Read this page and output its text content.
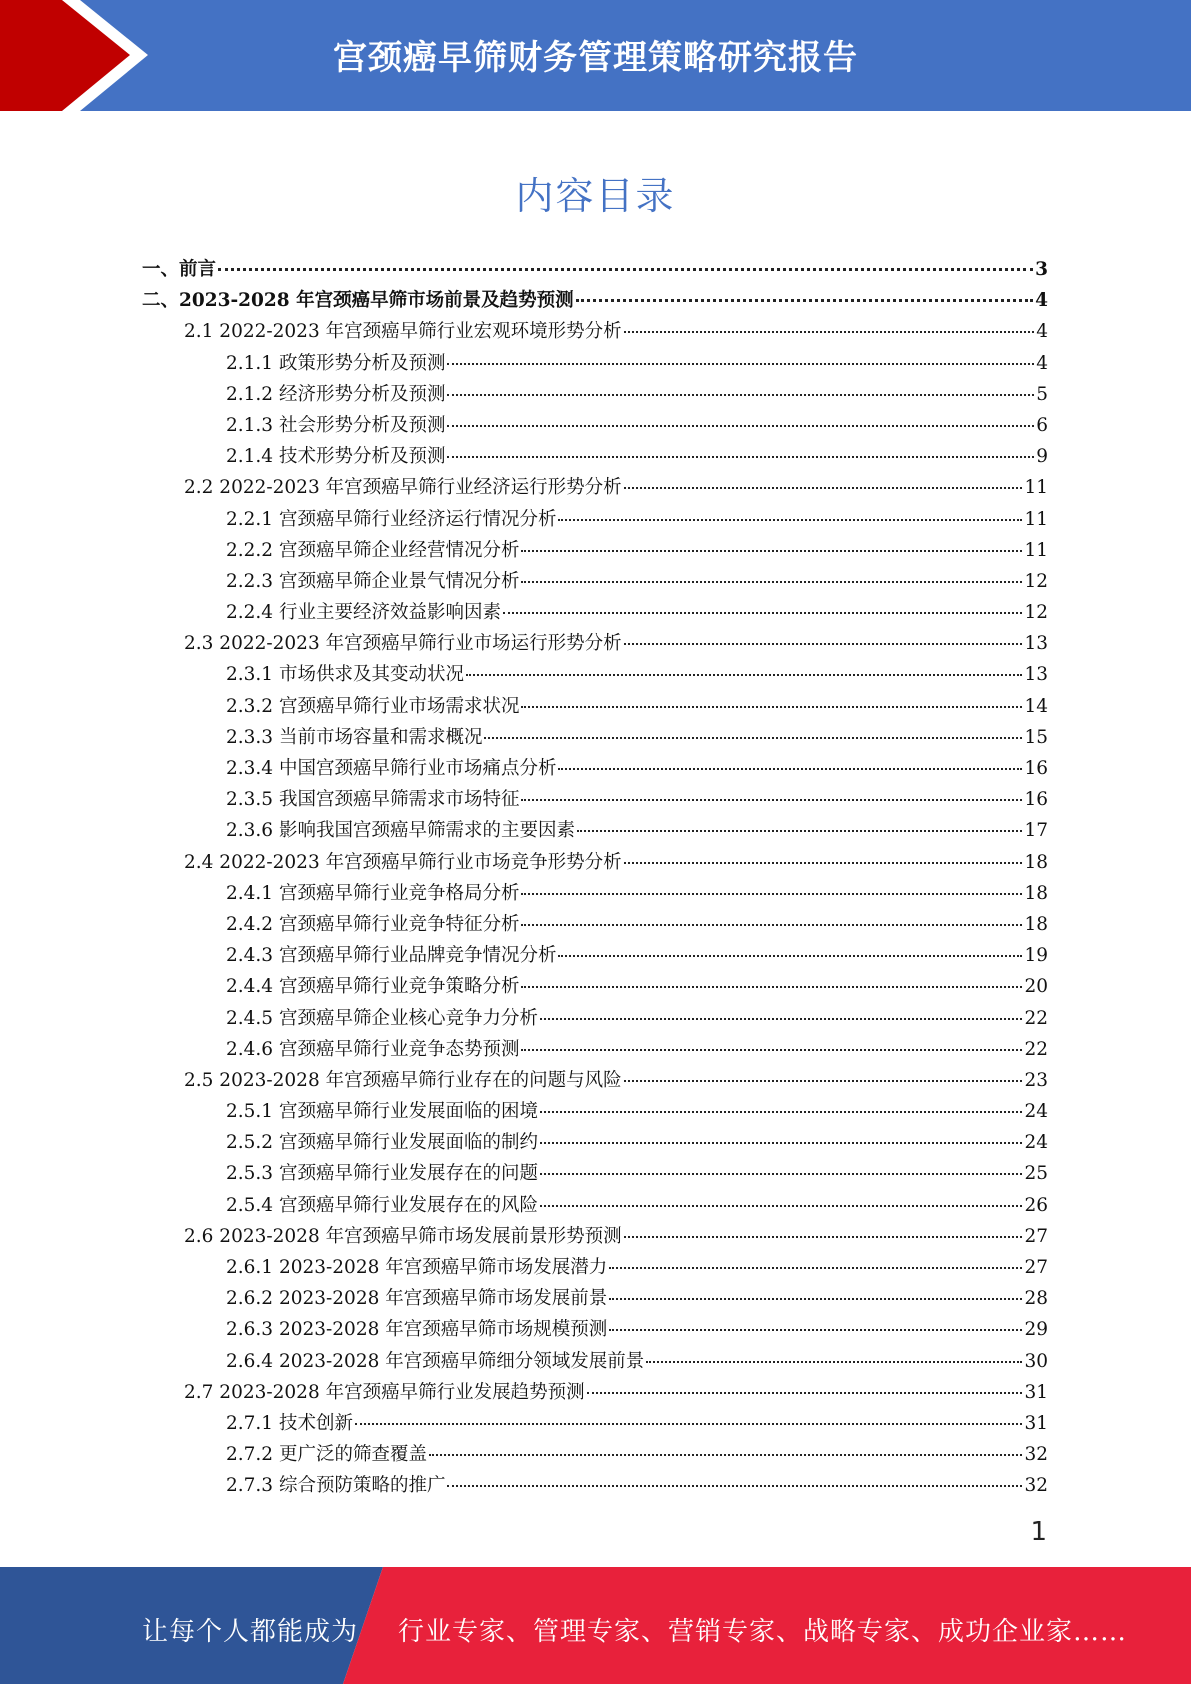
宫颈癌早筛财务管理策略研究报告
内容目录
一、前言	3
二、2023-2028 年宫颈癌早筛市场前景及趋势预测	4
2.1 2022-2023 年宫颈癌早筛行业宏观环境形势分析	4
2.1.1 政策形势分析及预测	4
2.1.2 经济形势分析及预测	5
2.1.3 社会形势分析及预测	6
2.1.4 技术形势分析及预测	9
2.2 2022-2023 年宫颈癌早筛行业经济运行形势分析	11
2.2.1 宫颈癌早筛行业经济运行情况分析	11
2.2.2 宫颈癌早筛企业经营情况分析	11
2.2.3 宫颈癌早筛企业景气情况分析	12
2.2.4 行业主要经济效益影响因素	12
2.3 2022-2023 年宫颈癌早筛行业市场运行形势分析	13
2.3.1 市场供求及其变动状况	13
2.3.2 宫颈癌早筛行业市场需求状况	14
2.3.3 当前市场容量和需求概况	15
2.3.4 中国宫颈癌早筛行业市场痛点分析	16
2.3.5 我国宫颈癌早筛需求市场特征	16
2.3.6 影响我国宫颈癌早筛需求的主要因素	17
2.4 2022-2023 年宫颈癌早筛行业市场竞争形势分析	18
2.4.1 宫颈癌早筛行业竞争格局分析	18
2.4.2 宫颈癌早筛行业竞争特征分析	18
2.4.3 宫颈癌早筛行业品牌竞争情况分析	19
2.4.4 宫颈癌早筛行业竞争策略分析	20
2.4.5 宫颈癌早筛企业核心竞争力分析	22
2.4.6 宫颈癌早筛行业竞争态势预测	22
2.5 2023-2028 年宫颈癌早筛行业存在的问题与风险	23
2.5.1 宫颈癌早筛行业发展面临的困境	24
2.5.2 宫颈癌早筛行业发展面临的制约	24
2.5.3 宫颈癌早筛行业发展存在的问题	25
2.5.4 宫颈癌早筛行业发展存在的风险	26
2.6 2023-2028 年宫颈癌早筛市场发展前景形势预测	27
2.6.1 2023-2028 年宫颈癌早筛市场发展潜力	27
2.6.2 2023-2028 年宫颈癌早筛市场发展前景	28
2.6.3 2023-2028 年宫颈癌早筛市场规模预测	29
2.6.4 2023-2028 年宫颈癌早筛细分领域发展前景	30
2.7 2023-2028 年宫颈癌早筛行业发展趋势预测	31
2.7.1 技术创新	31
2.7.2 更广泛的筛查覆盖	32
2.7.3 综合预防策略的推广	32
1
让每个人都能成为 行业专家、管理专家、营销专家、战略专家、成功企业家……
